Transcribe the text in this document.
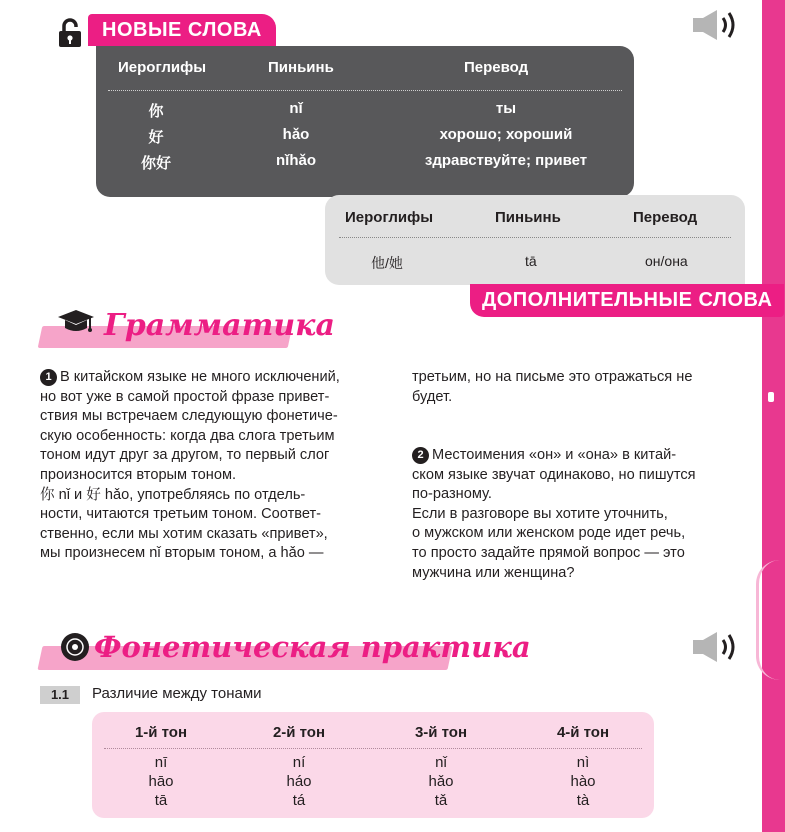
НОВЫЕ СЛОВА
Иероглифы	Пиньинь	Перевод
你	nǐ	ты
好	hǎo	хорошо; хороший
你好	nǐhǎo	здравствуйте; привет
Иероглифы	Пиньинь	Перевод
他/她	tā	он/она
ДОПОЛНИТЕЛЬНЫЕ СЛОВА
Грамматика

1 В китайском языке не много исключений,

но вот уже в самой простой фразе привет-

ствия мы встречаем следующую фонетиче-

скую особенность: когда два слога третьим

тоном идут друг за другом, то первый слог

произносится вторым тоном.

你 nǐ и 好 hǎo, употребляясь по отдель-

ности, читаются третьим тоном. Соответ-

ственно, если мы хотим сказать «привет»,

мы произнесем nǐ вторым тоном, а hǎo —

третьим, но на письме это отражаться не

будет.

2 Местоимения «он» и «она» в китай-

ском языке звучат одинаково, но пишутся

по-разному.

Если в разговоре вы хотите уточнить,

о мужском или женском роде идет речь,

то просто задайте прямой вопрос — это

мужчина или женщина?

Фонетическая практика
1.1	Различие между тонами
1-й тон	2-й тон	3-й тон	4-й тон
nī	ní	nǐ	nì
hāo	háo	hǎo	hào
tā	tá	tǎ	tà
